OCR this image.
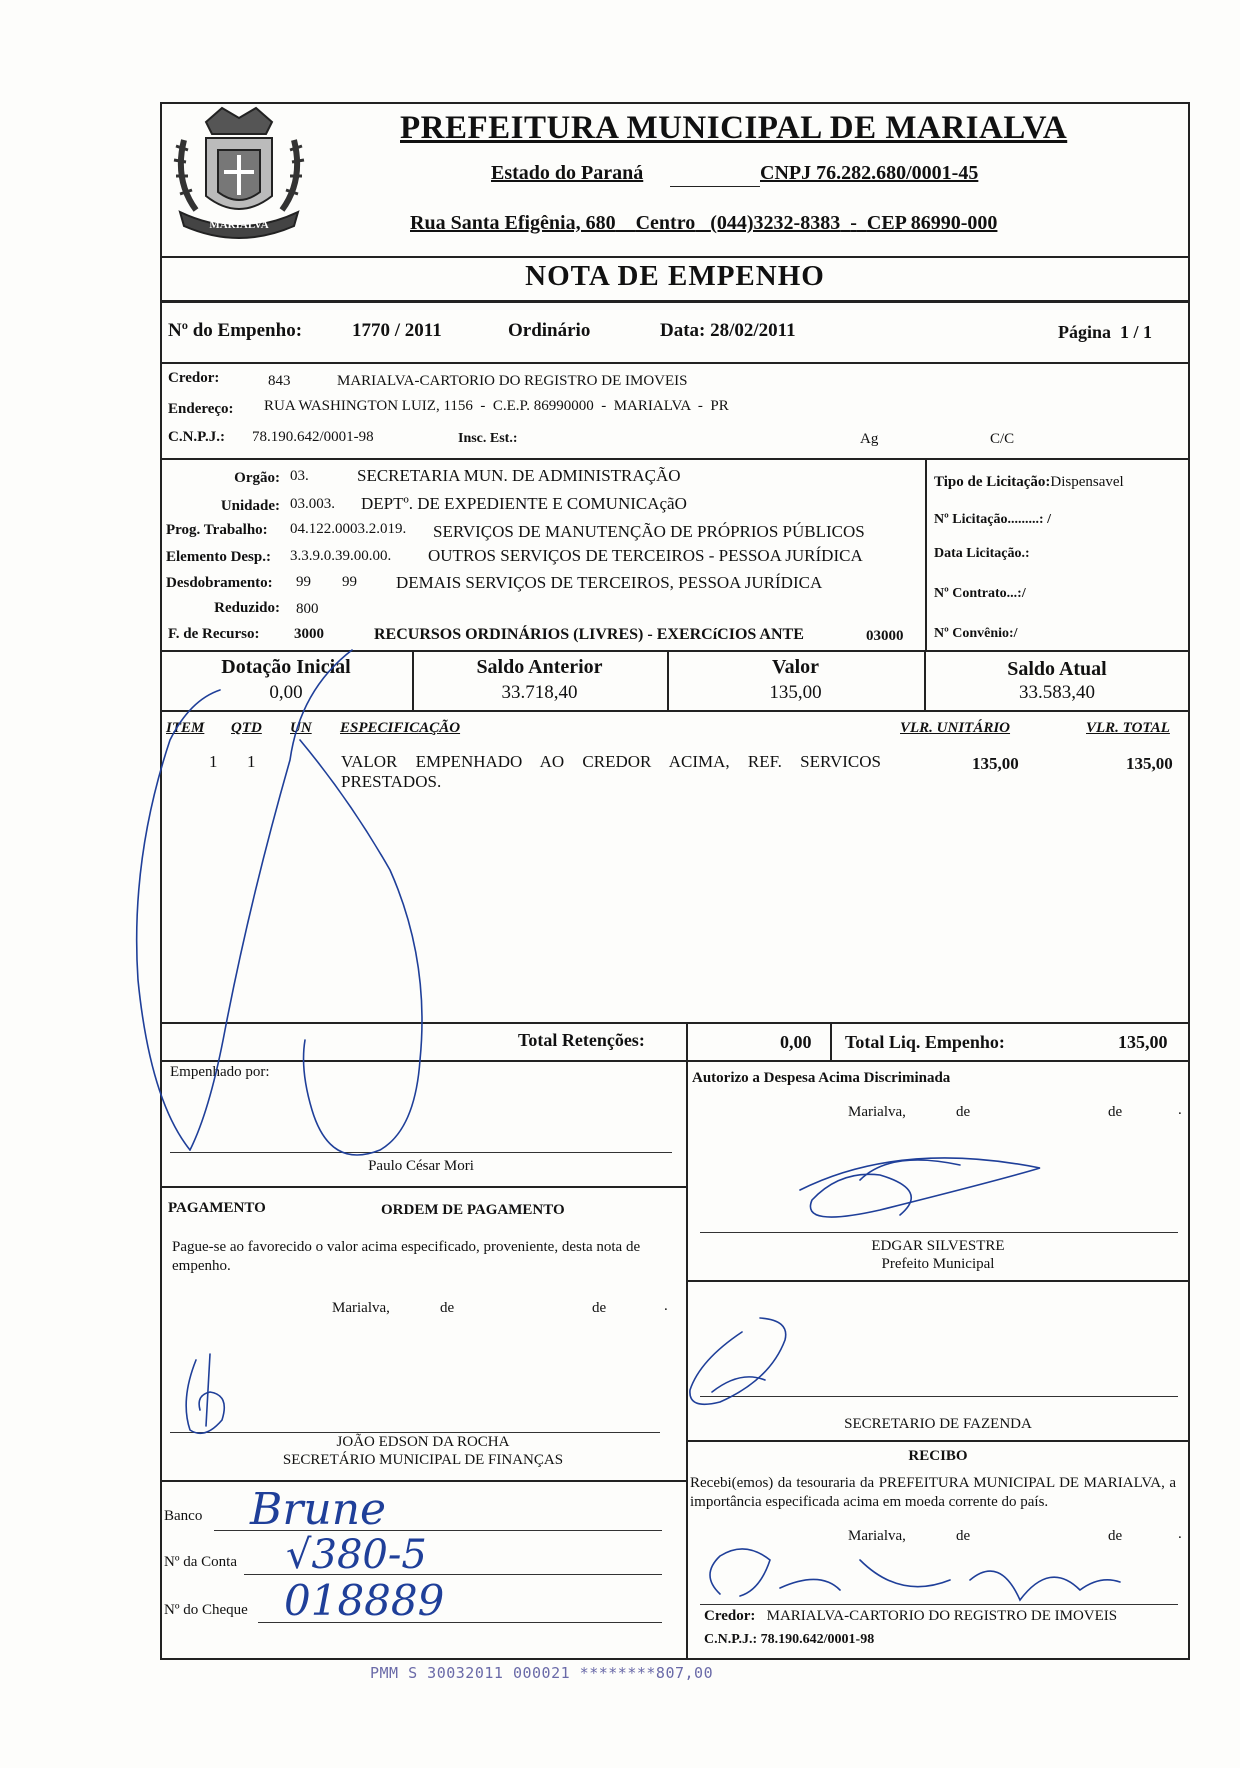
MARIALVA
PREFEITURA MUNICIPAL DE MARIALVA
Estado do Paraná	CNPJ 76.282.680/0001-45
Rua Santa Efigênia, 680 Centro (044)3232-8383 - CEP 86990-000
NOTA DE EMPENHO
Nº do Empenho:	1770 / 2011	Ordinário	Data: 28/02/2011	Página  1 / 1
Credor:	843	MARIALVA-CARTORIO DO REGISTRO DE IMOVEIS
Endereço: RUA WASHINGTON LUIZ, 1156  -  C.E.P. 86990000  -  MARIALVA  -  PR
C.N.P.J.: 78.190.642/0001-98	Insc. Est.:	Ag	C/C
Orgão: 03.	SECRETARIA MUN. DE ADMINISTRAÇÃO
Unidade: 03.003. DEPTº. DE EXPEDIENTE E COMUNICAçãO
Prog. Trabalho: 04.122.0003.2.019. SERVIÇOS DE MANUTENÇÃO DE PRÓPRIOS PÚBLICOS
Elemento Desp.: 3.3.9.0.39.00.00. OUTROS SERVIÇOS DE TERCEIROS - PESSOA JURÍDICA
Desdobramento: 99 99 DEMAIS SERVIÇOS DE TERCEIROS, PESSOA JURÍDICA
Reduzido: 800
F. de Recurso: 3000	RECURSOS ORDINÁRIOS (LIVRES) - EXERCíCIOS ANTE	03000
Tipo de Licitação:Dispensavel
Nº Licitação.........: /
Data Licitação.:
Nº Contrato...:/
Nº Convênio:/
Dotação Inicial
0,00
Saldo Anterior
33.718,40
Valor
135,00
Saldo Atual
33.583,40
ITEM QTD UN ESPECIFICAÇÃO	VLR. UNITÁRIO	VLR. TOTAL
1 1	VALOR EMPENHADO AO CREDOR ACIMA, REF. SERVICOS
PRESTADOS.
135,00	135,00
Total Retenções:	0,00 Total Liq. Empenho:	135,00
Empenhado por:
Paulo César Mori
Autorizo a Despesa Acima Discriminada
Marialva,	de	de	.
EDGAR SILVESTRE
Prefeito Municipal
PAGAMENTO	ORDEM DE PAGAMENTO
Pague-se ao favorecido o valor acima especificado, proveniente, desta nota de empenho.
Marialva,	de	de	.
JOÃO EDSON DA ROCHA
SECRETÁRIO MUNICIPAL DE FINANÇAS
SECRETARIO DE FAZENDA
RECIBO
Recebi(emos) da tesouraria da PREFEITURA MUNICIPAL DE MARIALVA, a importância especificada acima em moeda corrente do país.
Marialva,	de	de	.
Credor: MARIALVA-CARTORIO DO REGISTRO DE IMOVEIS
C.N.P.J.: 78.190.642/0001-98
Banco Brune
Nº da Conta √380-5
Nº do Cheque 018889
PMM S 30032011 000021 ********807,00
